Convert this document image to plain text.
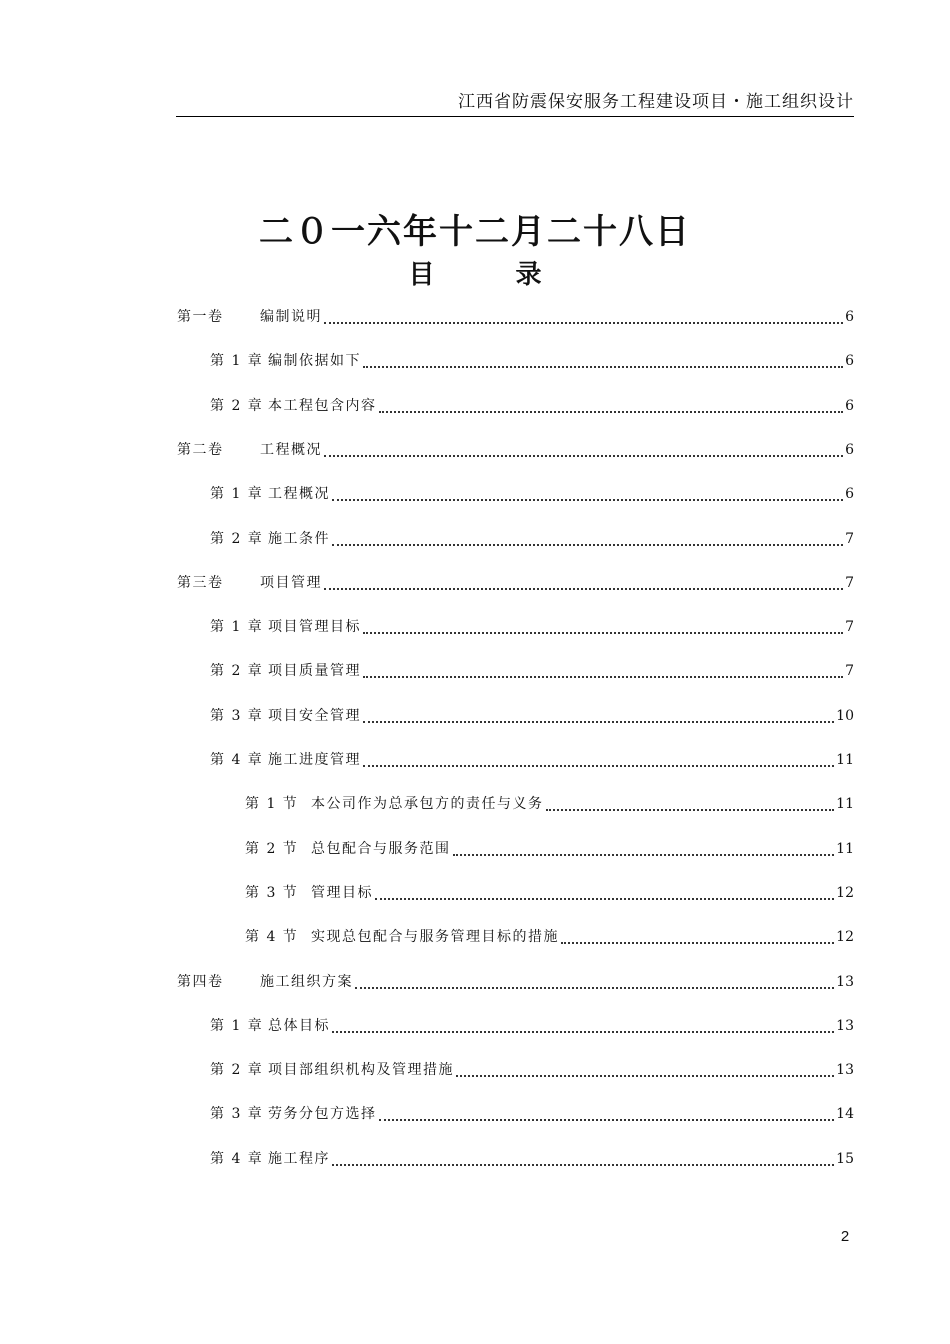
江西省防震保安服务工程建设项目・施工组织设计
二０一六年十二月二十八日
目 录
第一卷	编制说明	6
第 1 章 编制依据如下	6
第 2 章 本工程包含内容	6
第二卷	工程概况	6
第 1 章 工程概况	6
第 2 章 施工条件	7
第三卷	项目管理	7
第 1 章 项目管理目标	7
第 2 章 项目质量管理	7
第 3 章 项目安全管理	10
第 4 章 施工进度管理	11
第 1 节 本公司作为总承包方的责任与义务	11
第 2 节 总包配合与服务范围	11
第 3 节 管理目标	12
第 4 节 实现总包配合与服务管理目标的措施	12
第四卷	施工组织方案	13
第 1 章 总体目标	13
第 2 章 项目部组织机构及管理措施	13
第 3 章 劳务分包方选择	14
第 4 章 施工程序	15
2
